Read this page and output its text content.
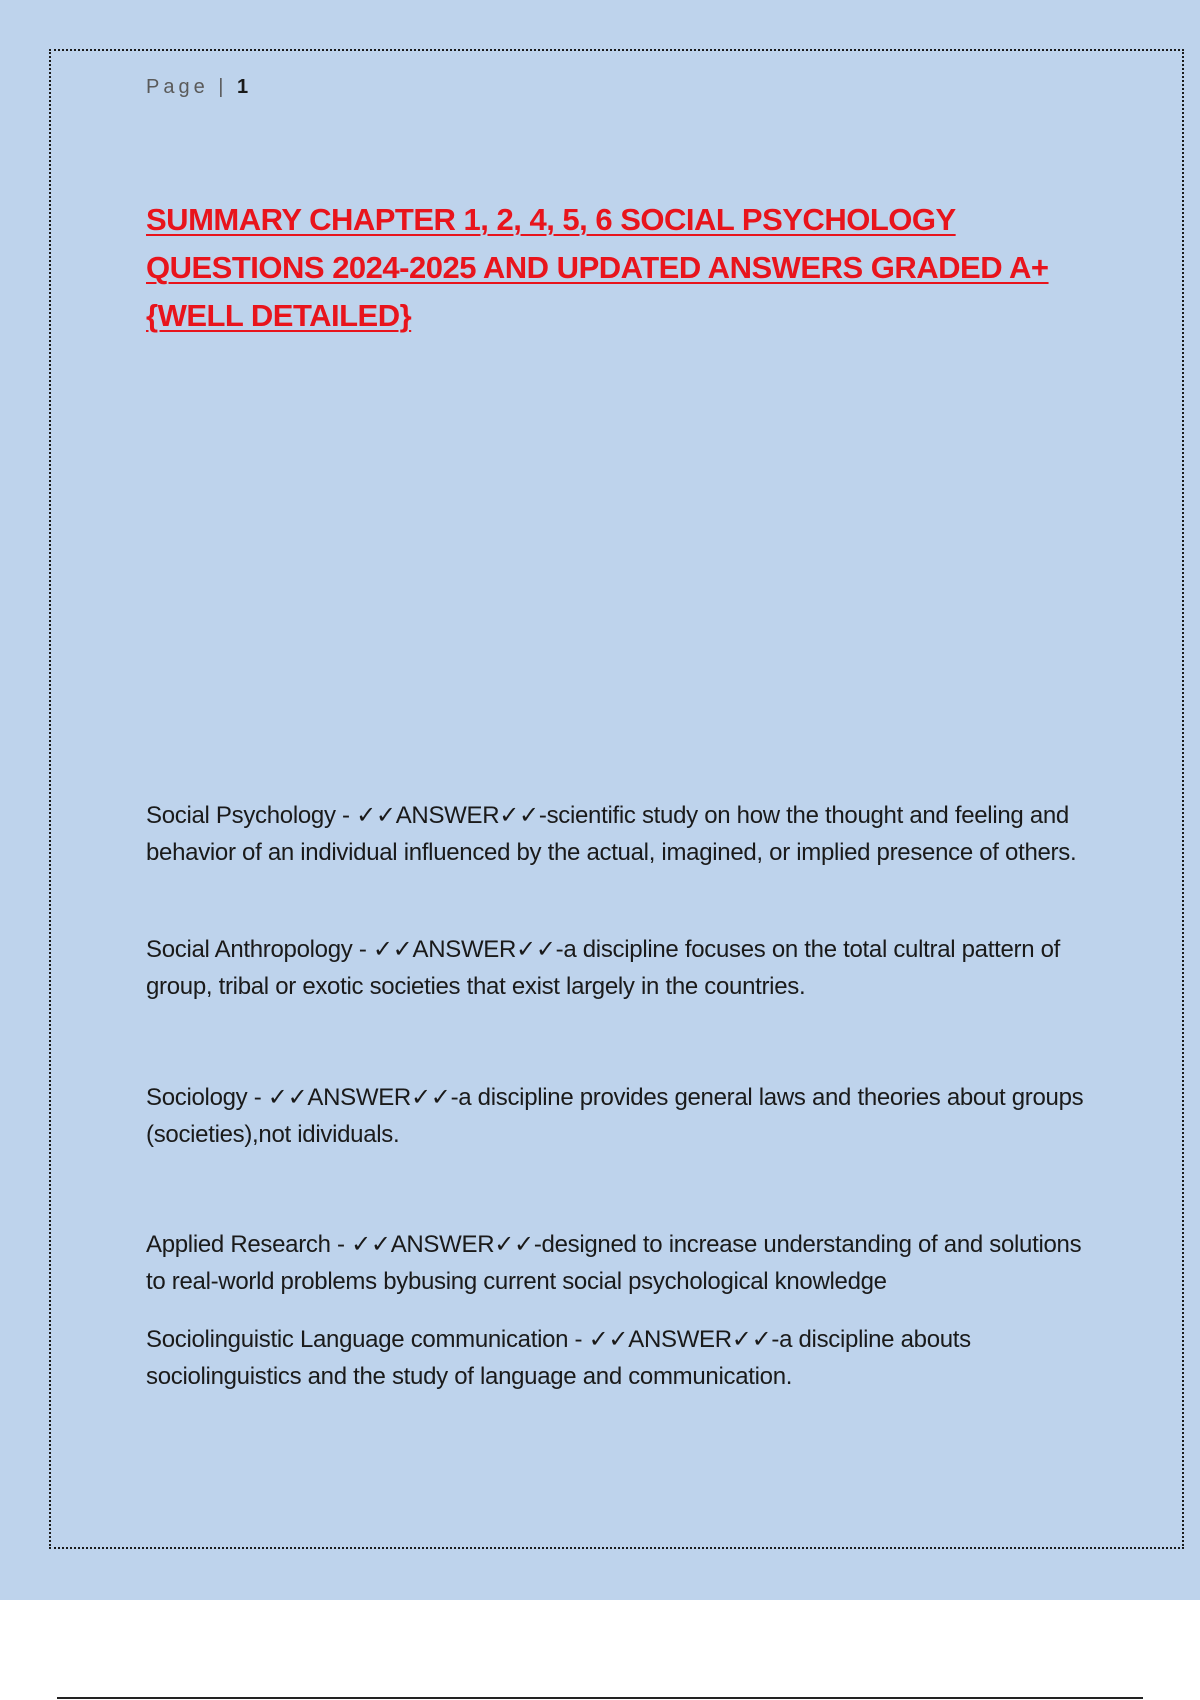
Page | 1
SUMMARY CHAPTER 1, 2, 4, 5, 6 SOCIAL PSYCHOLOGY QUESTIONS 2024-2025 AND UPDATED ANSWERS GRADED A+ {WELL DETAILED}

Social Psychology - ✓✓ANSWER✓✓-scientific study on how the thought and feeling and behavior of an individual influenced by the actual, imagined, or implied presence of others.

Social Anthropology - ✓✓ANSWER✓✓-a discipline focuses on the total cultral pattern of group, tribal or exotic societies that exist largely in the countries.

Sociology - ✓✓ANSWER✓✓-a discipline provides general laws and theories about groups (societies),not idividuals.

Applied Research - ✓✓ANSWER✓✓-designed to increase understanding of and solutions to real-world problems bybusing current social psychological knowledge

Sociolinguistic Language communication - ✓✓ANSWER✓✓-a discipline abouts sociolinguistics and the study of language and communication.
